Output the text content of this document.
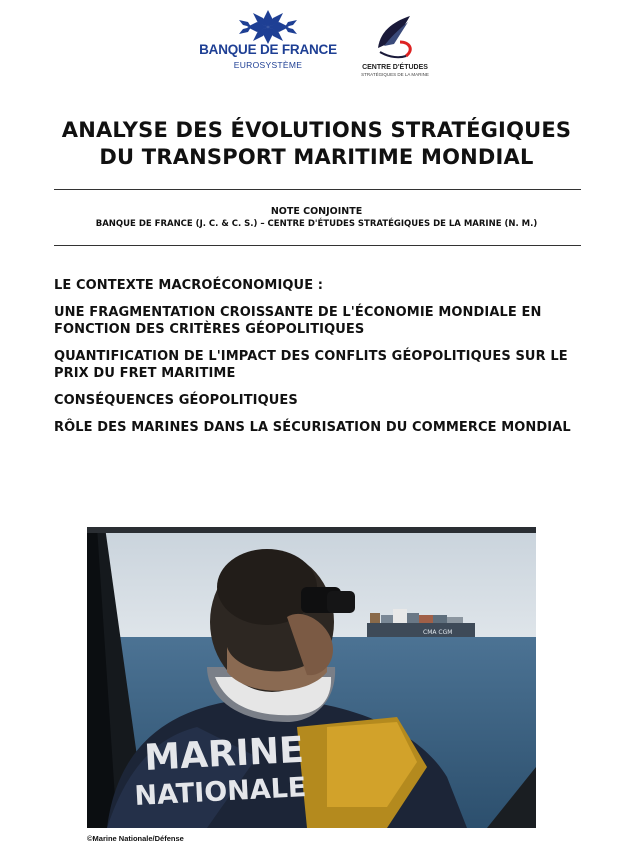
BANQUE DE FRANCE
EUROSYSTÈME	CENTRE D'ÉTUDES
STRATÉGIQUES DE LA MARINE
ANALYSE DES ÉVOLUTIONS STRATÉGIQUES
DU TRANSPORT MARITIME MONDIAL
NOTE CONJOINTE
BANQUE DE FRANCE (J. C. & C. S.) – CENTRE D'ÉTUDES STRATÉGIQUES DE LA MARINE (N. M.)
LE CONTEXTE MACROÉCONOMIQUE :
UNE FRAGMENTATION CROISSANTE DE L'ÉCONOMIE MONDIALE EN FONCTION DES CRITÈRES GÉOPOLITIQUES
QUANTIFICATION DE L'IMPACT DES CONFLITS GÉOPOLITIQUES SUR LE PRIX DU FRET MARITIME
CONSÉQUENCES GÉOPOLITIQUES
RÔLE DES MARINES DANS LA SÉCURISATION DU COMMERCE MONDIAL
CMA CGM
MARINE
NATIONALE
©Marine Nationale/Défense
